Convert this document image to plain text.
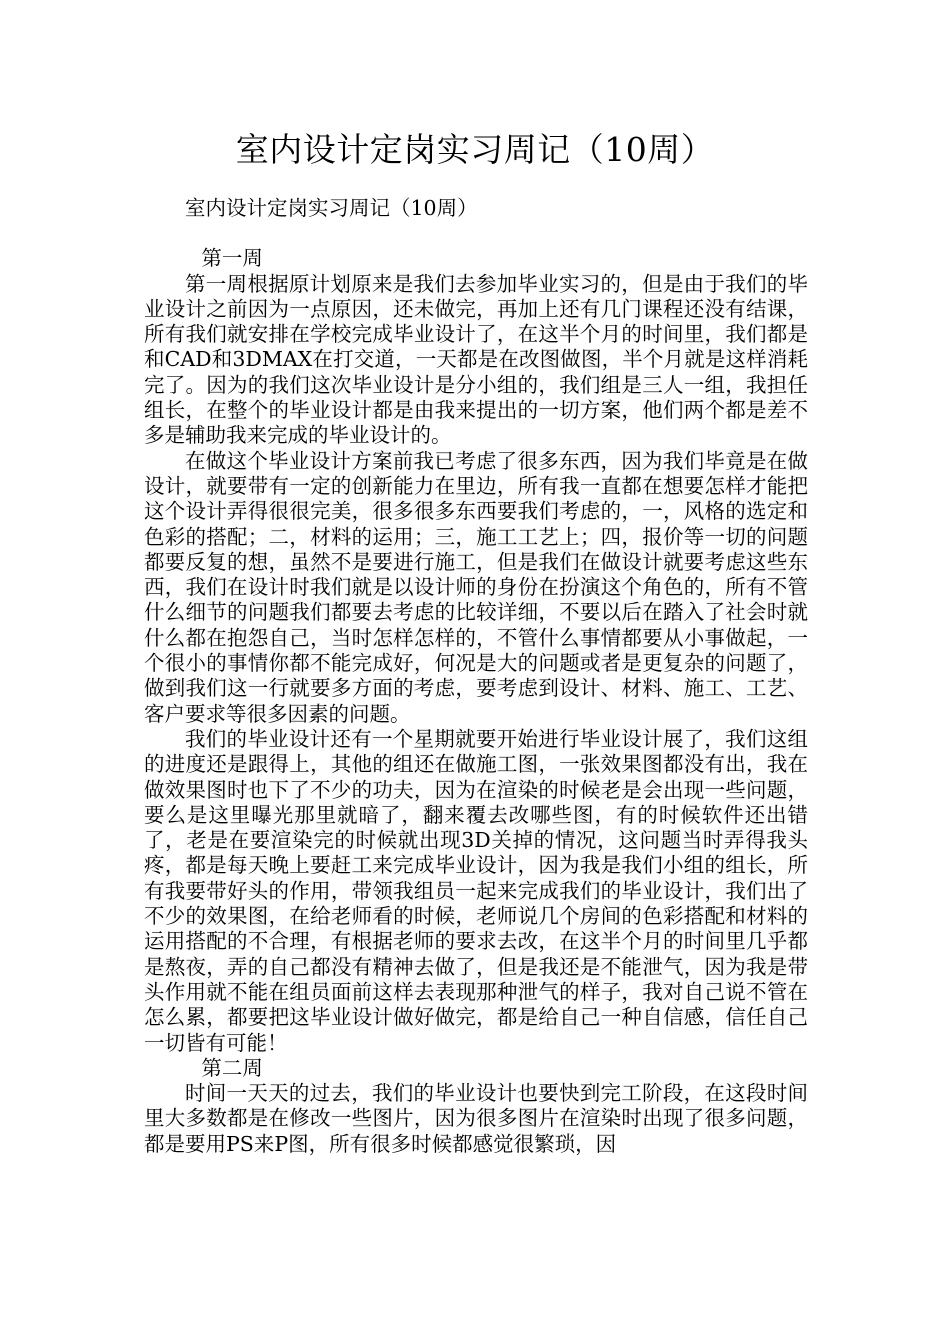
室内设计定岗实习周记（10周）

室内设计定岗实习周记（10周）

第一周

第一周根据原计划原来是我们去参加毕业实习的，但是由于我们的毕业设计之前因为一点原因，还未做完，再加上还有几门课程还没有结课，所有我们就安排在学校完成毕业设计了，在这半个月的时间里，我们都是和CAD和3DMAX在打交道，一天都是在改图做图，半个月就是这样消耗完了。因为的我们这次毕业设计是分小组的，我们组是三人一组，我担任组长，在整个的毕业设计都是由我来提出的一切方案，他们两个都是差不多是辅助我来完成的毕业设计的。

在做这个毕业设计方案前我已考虑了很多东西，因为我们毕竟是在做设计，就要带有一定的创新能力在里边，所有我一直都在想要怎样才能把这个设计弄得很很完美，很多很多东西要我们考虑的，一，风格的选定和色彩的搭配；二，材料的运用；三，施工工艺上；四，报价等一切的问题都要反复的想，虽然不是要进行施工，但是我们在做设计就要考虑这些东西，我们在设计时我们就是以设计师的身份在扮演这个角色的，所有不管什么细节的问题我们都要去考虑的比较详细，不要以后在踏入了社会时就什么都在抱怨自己，当时怎样怎样的，不管什么事情都要从小事做起，一个很小的事情你都不能完成好，何况是大的问题或者是更复杂的问题了，做到我们这一行就要多方面的考虑，要考虑到设计、材料、施工、工艺、客户要求等很多因素的问题。

我们的毕业设计还有一个星期就要开始进行毕业设计展了，我们这组的进度还是跟得上，其他的组还在做施工图，一张效果图都没有出，我在做效果图时也下了不少的功夫，因为在渲染的时候老是会出现一些问题，要么是这里曝光那里就暗了，翻来覆去改哪些图，有的时候软件还出错了，老是在要渲染完的时候就出现3D关掉的情况，这问题当时弄得我头疼，都是每天晚上要赶工来完成毕业设计，因为我是我们小组的组长，所有我要带好头的作用，带领我组员一起来完成我们的毕业设计，我们出了不少的效果图，在给老师看的时候，老师说几个房间的色彩搭配和材料的运用搭配的不合理，有根据老师的要求去改，在这半个月的时间里几乎都是熬夜，弄的自己都没有精神去做了，但是我还是不能泄气，因为我是带头作用就不能在组员面前这样去表现那种泄气的样子，我对自己说不管在怎么累，都要把这毕业设计做好做完，都是给自己一种自信感，信任自己一切皆有可能！

第二周

时间一天天的过去，我们的毕业设计也要快到完工阶段，在这段时间里大多数都是在修改一些图片，因为很多图片在渲染时出现了很多问题，都是要用PS来P图，所有很多时候都感觉很繁琐，因
